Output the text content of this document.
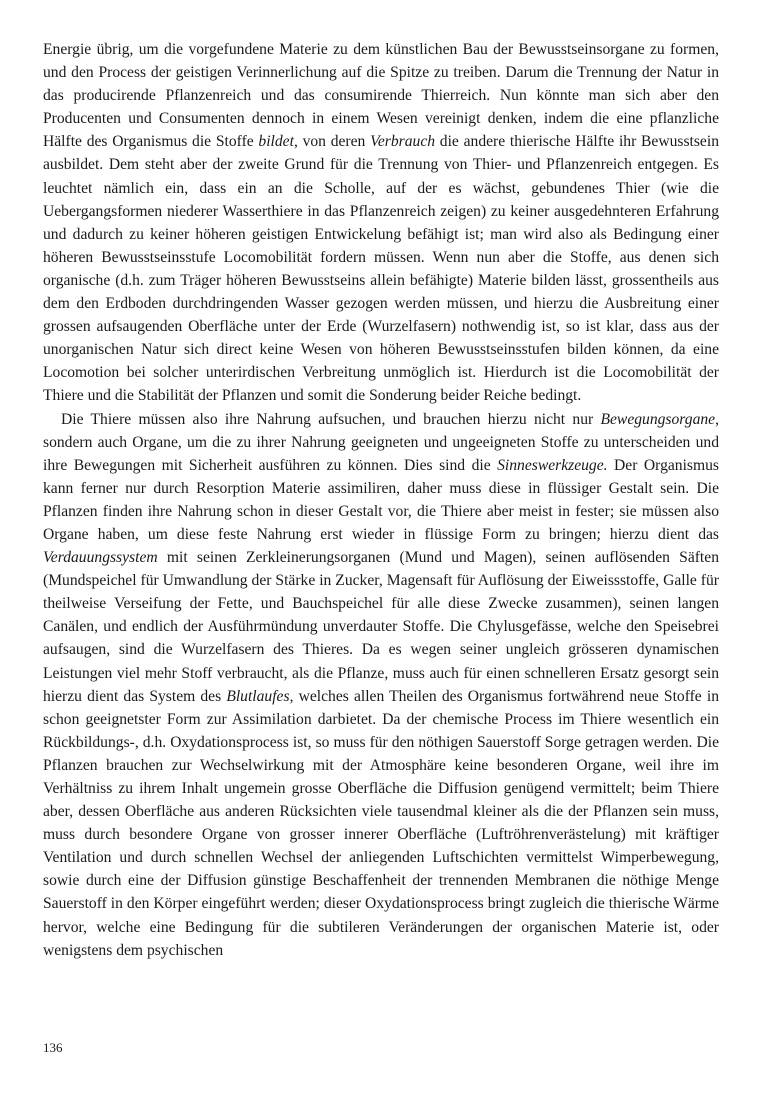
Energie übrig, um die vorgefundene Materie zu dem künstlichen Bau der Bewusstseinsorgane zu formen, und den Process der geistigen Verinnerlichung auf die Spitze zu treiben. Darum die Trennung der Natur in das producirende Pflanzenreich und das consumirende Thierreich. Nun könnte man sich aber den Producenten und Consumenten dennoch in einem Wesen vereinigt denken, indem die eine pflanzliche Hälfte des Organismus die Stoffe bildet, von deren Verbrauch die andere thierische Hälfte ihr Bewusstsein ausbildet. Dem steht aber der zweite Grund für die Trennung von Thier- und Pflanzenreich entgegen. Es leuchtet nämlich ein, dass ein an die Scholle, auf der es wächst, gebundenes Thier (wie die Uebergangsformen niederer Wasserthiere in das Pflanzenreich zeigen) zu keiner ausgedehnteren Erfahrung und dadurch zu keiner höheren geistigen Entwickelung befähigt ist; man wird also als Bedingung einer höheren Bewusstseinsstufe Locomobilität fordern müssen. Wenn nun aber die Stoffe, aus denen sich organische (d.h. zum Träger höheren Bewusstseins allein befähigte) Materie bilden lässt, grossentheils aus dem den Erdboden durchdringenden Wasser gezogen werden müssen, und hierzu die Ausbreitung einer grossen aufsaugenden Oberfläche unter der Erde (Wurzelfasern) nothwendig ist, so ist klar, dass aus der unorganischen Natur sich direct keine Wesen von höheren Bewusstseinsstufen bilden können, da eine Locomotion bei solcher unterirdischen Verbreitung unmöglich ist. Hierdurch ist die Locomobilität der Thiere und die Stabilität der Pflanzen und somit die Sonderung beider Reiche bedingt.

Die Thiere müssen also ihre Nahrung aufsuchen, und brauchen hierzu nicht nur Bewegungsorgane, sondern auch Organe, um die zu ihrer Nahrung geeigneten und ungeeigneten Stoffe zu unterscheiden und ihre Bewegungen mit Sicherheit ausführen zu können. Dies sind die Sinneswerkzeuge. Der Organismus kann ferner nur durch Resorption Materie assimiliren, daher muss diese in flüssiger Gestalt sein. Die Pflanzen finden ihre Nahrung schon in dieser Gestalt vor, die Thiere aber meist in fester; sie müssen also Organe haben, um diese feste Nahrung erst wieder in flüssige Form zu bringen; hierzu dient das Verdauungssystem mit seinen Zerkleinerungsorganen (Mund und Magen), seinen auflösenden Säften (Mundspeichel für Umwandlung der Stärke in Zucker, Magensaft für Auflösung der Eiweissstoffe, Galle für theilweise Verseifung der Fette, und Bauchspeichel für alle diese Zwecke zusammen), seinen langen Canälen, und endlich der Ausführmündung unverdauter Stoffe. Die Chylusgefässe, welche den Speisebrei aufsaugen, sind die Wurzelfasern des Thieres. Da es wegen seiner ungleich grösseren dynamischen Leistungen viel mehr Stoff verbraucht, als die Pflanze, muss auch für einen schnelleren Ersatz gesorgt sein hierzu dient das System des Blutlaufes, welches allen Theilen des Organismus fortwährend neue Stoffe in schon geeignetster Form zur Assimilation darbietet. Da der chemische Process im Thiere wesentlich ein Rückbildungs-, d.h. Oxydationsprocess ist, so muss für den nöthigen Sauerstoff Sorge getragen werden. Die Pflanzen brauchen zur Wechselwirkung mit der Atmosphäre keine besonderen Organe, weil ihre im Verhältniss zu ihrem Inhalt ungemein grosse Oberfläche die Diffusion genügend vermittelt; beim Thiere aber, dessen Oberfläche aus anderen Rücksichten viele tausendmal kleiner als die der Pflanzen sein muss, muss durch besondere Organe von grosser innerer Oberfläche (Luftröhrenverästelung) mit kräftiger Ventilation und durch schnellen Wechsel der anliegenden Luftschichten vermittelst Wimperbewegung, sowie durch eine der Diffusion günstige Beschaffenheit der trennenden Membranen die nöthige Menge Sauerstoff in den Körper eingeführt werden; dieser Oxydationsprocess bringt zugleich die thierische Wärme hervor, welche eine Bedingung für die subtileren Veränderungen der organischen Materie ist, oder wenigstens dem psychischen

136
